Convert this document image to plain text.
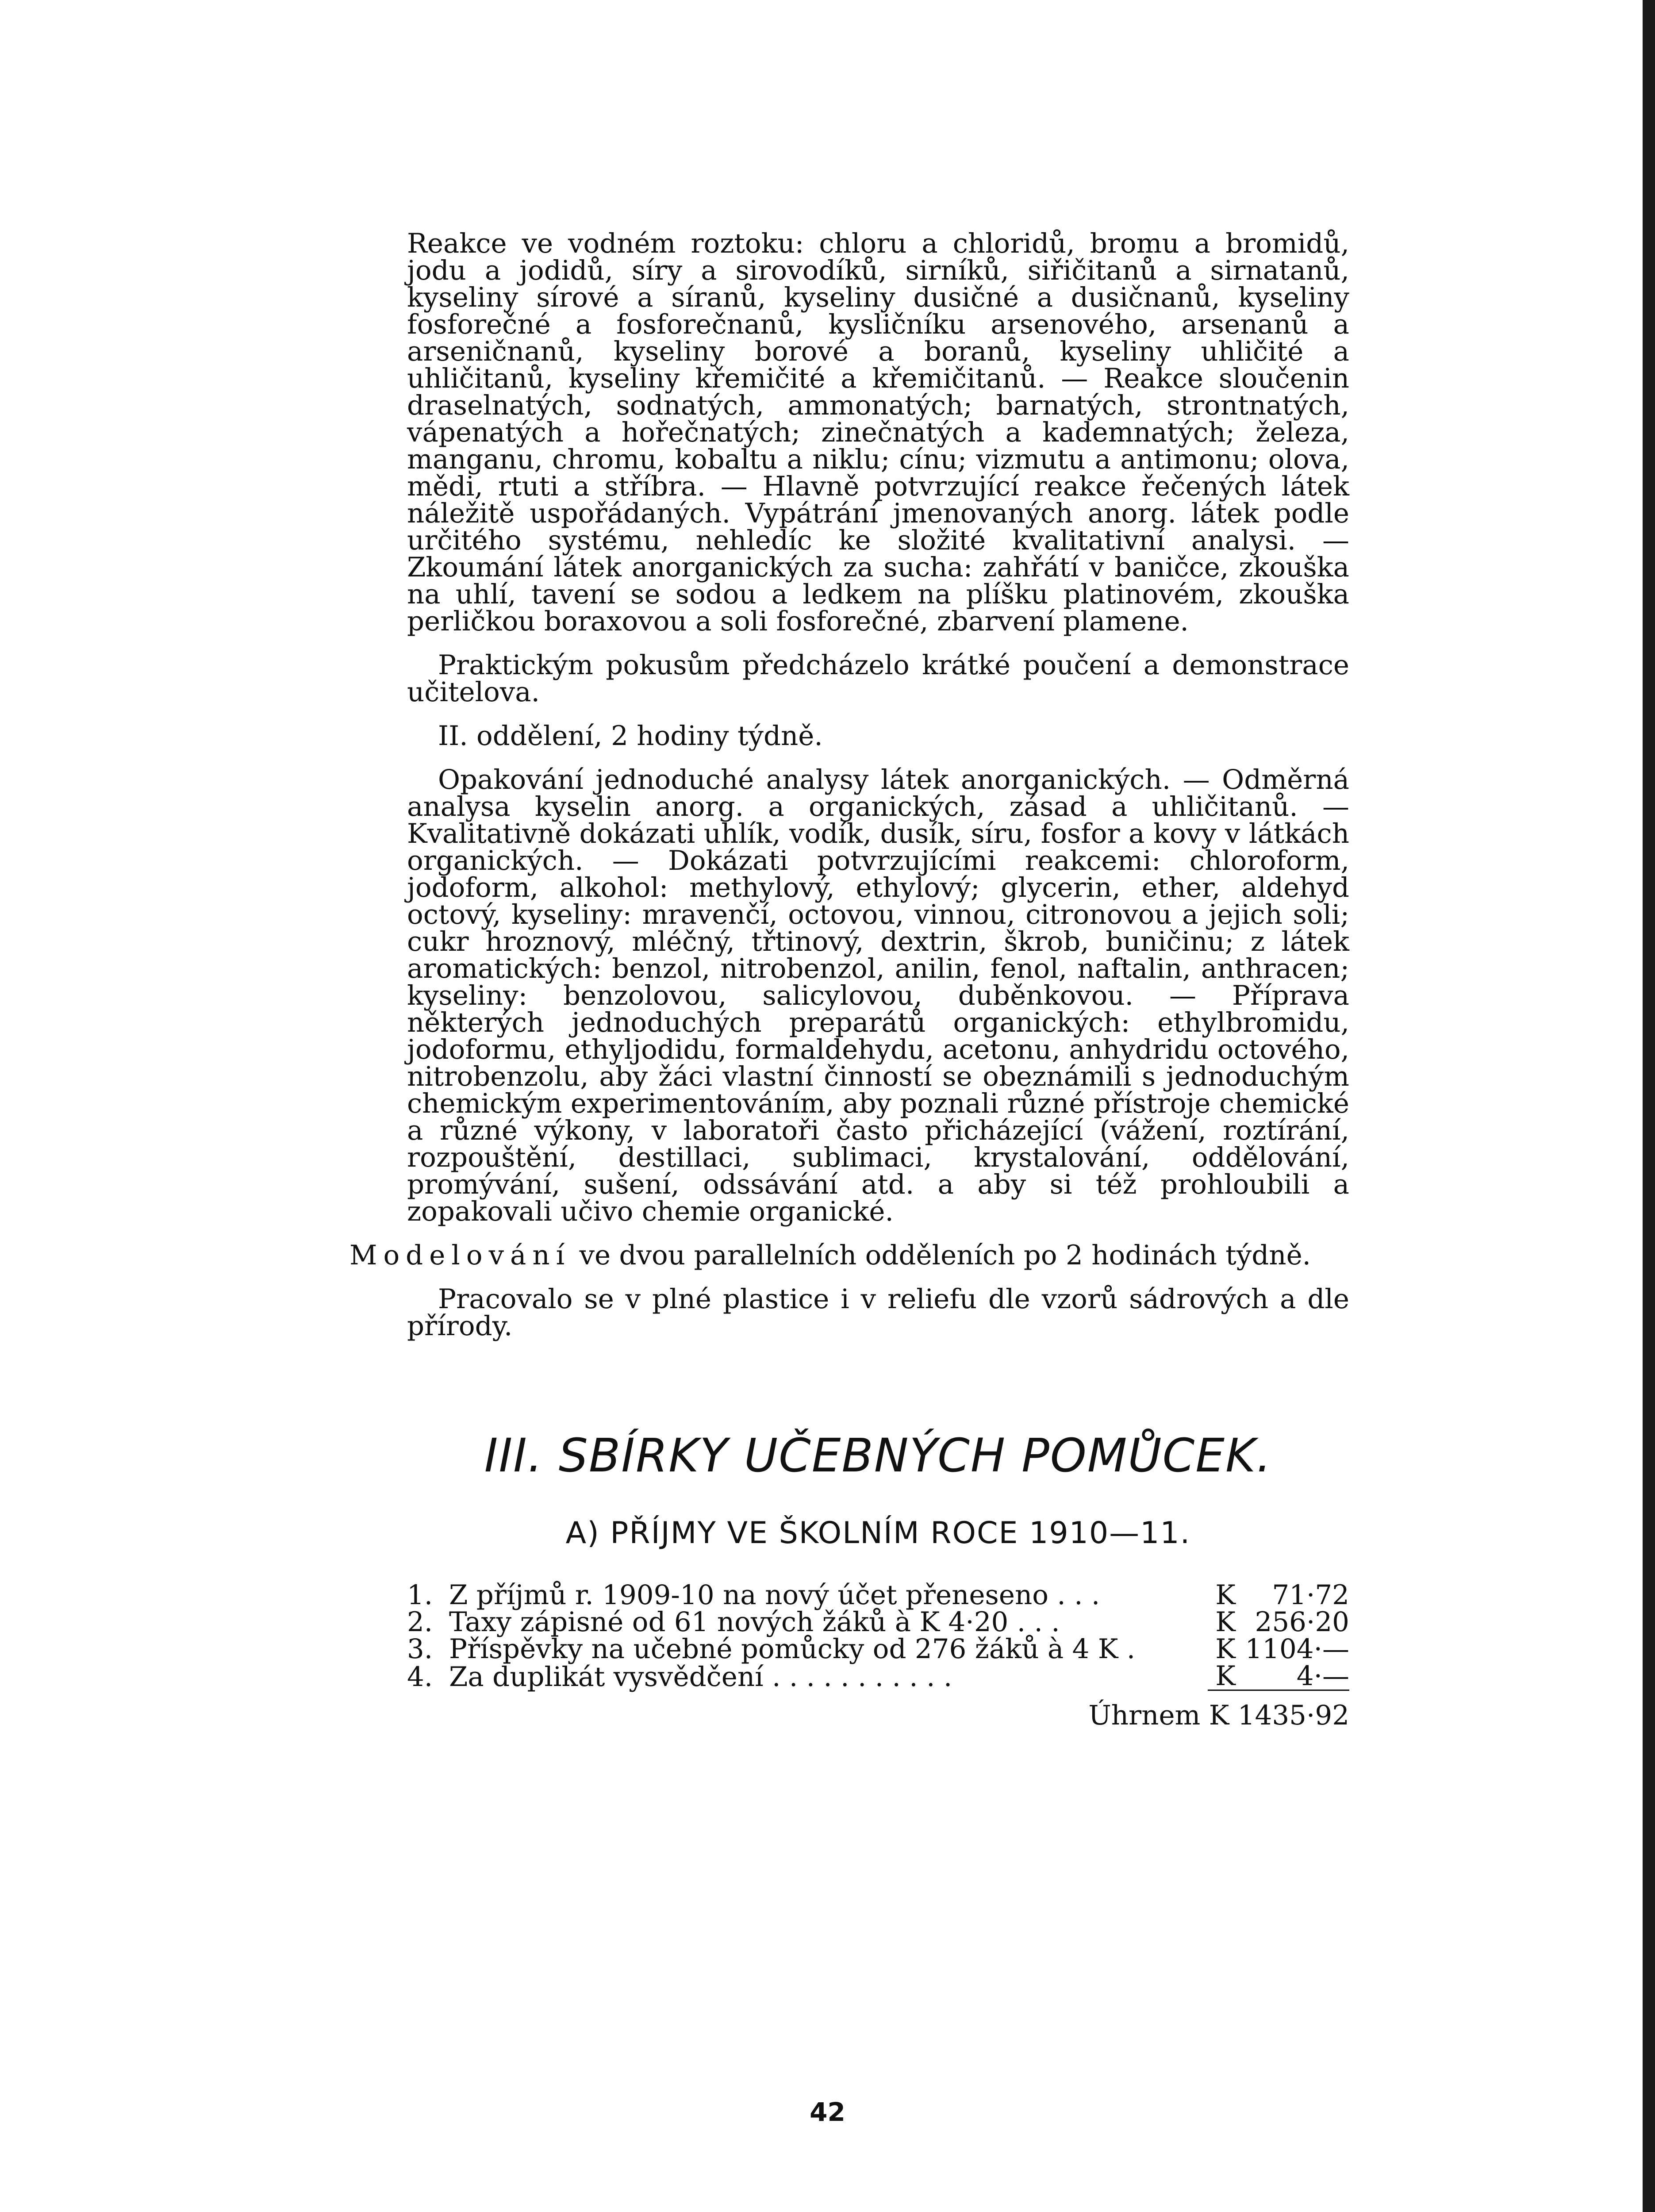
Reakce ve vodném roztoku: chloru a chloridů, bromu a bromidů, jodu a jodidů, síry a sirovodíků, sirníků, siřičitanů a sirnatanů, kyseliny sírové a síranů, kyseliny dusičné a dusičnanů, kyseliny fosforečné a fosforečnanů, kysličníku arsenového, arsenanů a arseničnanů, kyseliny borové a boranů, kyseliny uhličité a uhličitanů, kyseliny křemičité a křemičitanů. — Reakce sloučenin draselnatých, sodnatých, ammonatých; barnatých, strontnatých, vápenatých a hořečnatých; zinečnatých a kademnatých; železa, manganu, chromu, kobaltu a niklu; cínu; vizmutu a antimonu; olova, mědi, rtuti a stříbra. — Hlavně potvrzující reakce řečených látek náležitě uspořádaných. Vypátrání jmenovaných anorg. látek podle určitého systému, nehledíc ke složité kvalitativní analysi. — Zkoumání látek anorganických za sucha: zahřátí v baničce, zkouška na uhlí, tavení se sodou a ledkem na plíšku platinovém, zkouška perličkou boraxovou a soli fosforečné, zbarvení plamene.

Praktickým pokusům předcházelo krátké poučení a demonstrace učitelova.

II. oddělení, 2 hodiny týdně.

Opakování jednoduché analysy látek anorganických. — Odměrná analysa kyselin anorg. a organických, zásad a uhličitanů. — Kvalitativně dokázati uhlík, vodík, dusík, síru, fosfor a kovy v látkách organických. — Dokázati potvrzujícími reakcemi: chloroform, jodoform, alkohol: methylový, ethylový; glycerin, ether, aldehyd octový, kyseliny: mravenčí, octovou, vinnou, citronovou a jejich soli; cukr hroznový, mléčný, třtinový, dextrin, škrob, buničinu; z látek aromatických: benzol, nitrobenzol, anilin, fenol, naftalin, anthracen; kyseliny: benzolovou, salicylovou, duběnkovou. — Příprava některých jednoduchých preparátů organických: ethylbromidu, jodoformu, ethyljodidu, formaldehydu, acetonu, anhydridu octového, nitrobenzolu, aby žáci vlastní činností se obeznámili s jednoduchým chemickým experimentováním, aby poznali různé přístroje chemické a různé výkony, v laboratoři často přicházející (vážení, roztírání, rozpouštění, destillaci, sublimaci, krystalování, oddělování, promývání, sušení, odssávání atd. a aby si též prohloubili a zopakovali učivo chemie organické.

Modelování ve dvou parallelních odděleních po 2 hodinách týdně.

Pracovalo se v plné plastice i v reliefu dle vzorů sádrových a dle přírody.

III. SBÍRKY UČEBNÝCH POMŮCEK.
A) PŘÍJMY VE ŠKOLNÍM ROCE 1910—11.
1.	Z příjmů r. 1909-10 na nový účet přeneseno . . .	K	71·72
2.	Taxy zápisné od 61 nových žáků à K 4·20 . . .	K	256·20
3.	Příspěvky na učebné pomůcky od 276 žáků à 4 K .	K	1104·—
4.	Za duplikát vysvědčení . . . . . . . . . . .	K	4·—
Úhrnem K 1435·92
42
